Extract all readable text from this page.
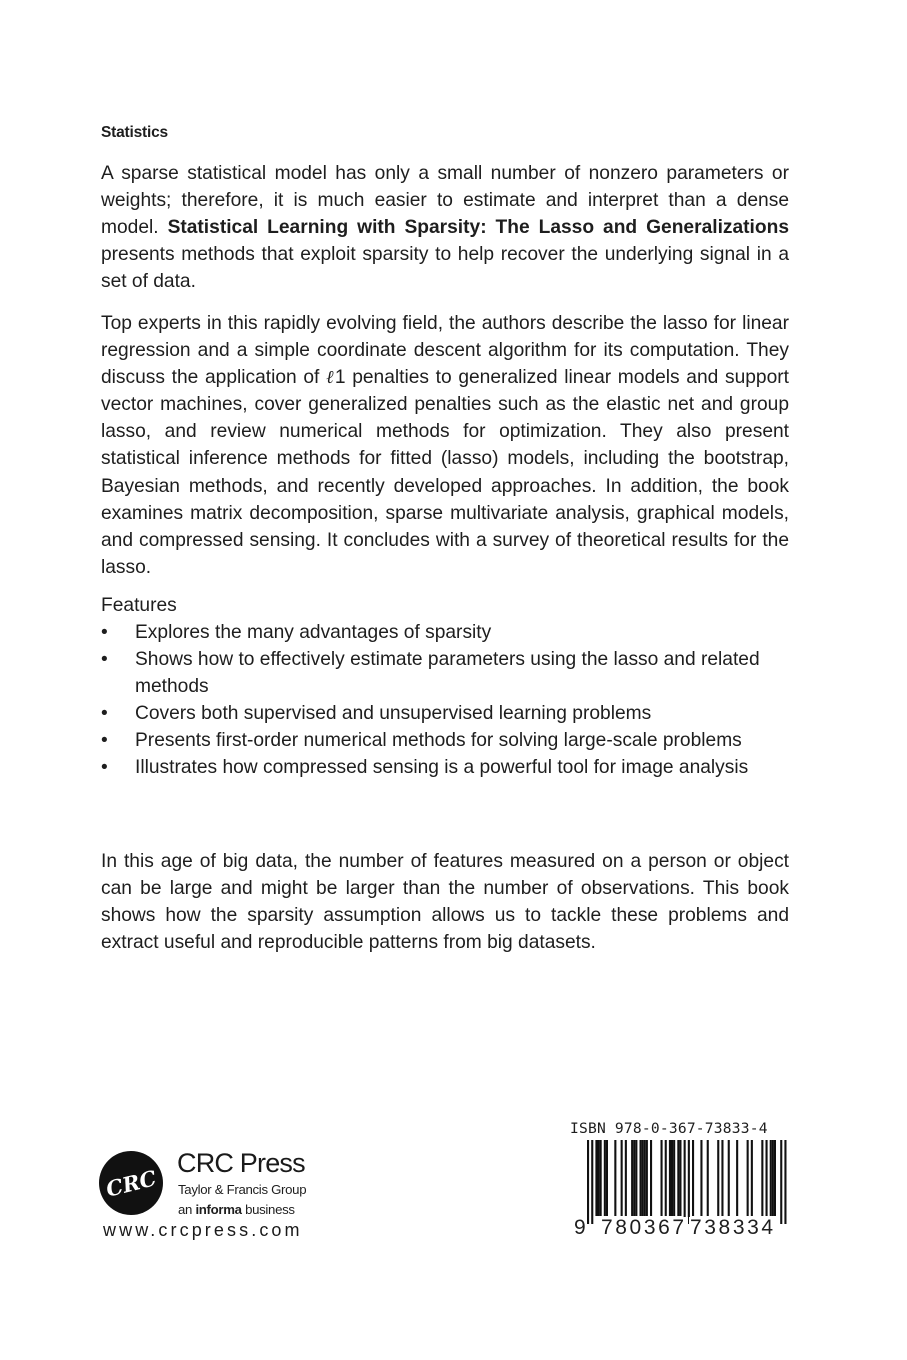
Statistics

A sparse statistical model has only a small number of nonzero parameters or weights; therefore, it is much easier to estimate and interpret than a dense model. Statistical Learning with Sparsity: The Lasso and Generalizations presents methods that exploit sparsity to help recover the underlying signal in a set of data.

Top experts in this rapidly evolving field, the authors describe the lasso for linear regression and a simple coordinate descent algorithm for its computation. They discuss the application of ℓ1 penalties to generalized linear models and support vector machines, cover generalized penalties such as the elastic net and group lasso, and review numerical methods for optimization. They also present statistical inference methods for fitted (lasso) models, including the bootstrap, Bayesian methods, and recently developed approaches. In addition, the book examines matrix decomposition, sparse multivariate analysis, graphical models, and compressed sensing. It concludes with a survey of theoretical results for the lasso.

Features
• Explores the many advantages of sparsity
• Shows how to effectively estimate parameters using the lasso and related methods
• Covers both supervised and unsupervised learning problems
• Presents first-order numerical methods for solving large-scale problems
• Illustrates how compressed sensing is a powerful tool for image analysis

In this age of big data, the number of features measured on a person or object can be large and might be larger than the number of observations. This book shows how the sparsity assumption allows us to tackle these problems and extract useful and reproducible patterns from big datasets.

CRC
CRC Press
Taylor & Francis Group
an informa business
www.crcpress.com
ISBN 978-0-367-73833-4
9 780367 738334
